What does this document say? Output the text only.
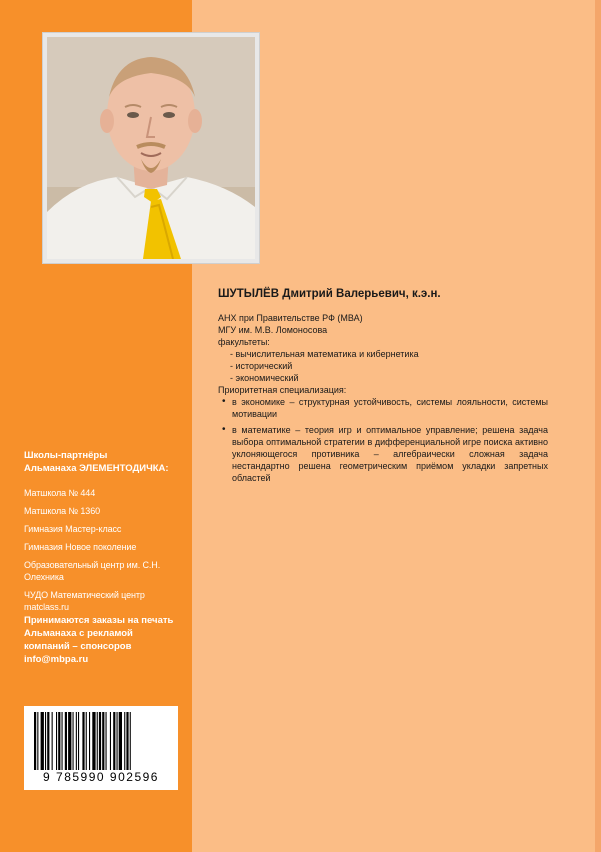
ШУТЫЛЁВ Дмитрий Валерьевич, к.э.н.
АНХ при Правительстве РФ (МВА)
МГУ им. М.В. Ломоносова
факультеты:
- вычислительная математика и кибернетика
- исторический
- экономический
Приоритетная специализация:
• в экономике – структурная устойчивость, системы лояльности, системы мотивации
• в математике – теория игр и оптимальное управление; решена задача выбора оптимальной стратегии в дифференциальной игре поиска активно уклоняющегося противника – алгебраически сложная задача нестандартно решена геометрическим приёмом укладки запретных областей
Школы-партнёры
Альманаха ЭЛЕМЕНТОДИЧКА:
Матшкола № 444
Матшкола № 1360
Гимназия Мастер-класс
Гимназия Новое поколение
Образовательный центр им. С.Н. Олехника
ЧУДО Математический центр matclass.ru
Принимаются заказы на печать
Альманаха с рекламой
компаний – спонсоров
info@mbpa.ru
9 785990 902596
